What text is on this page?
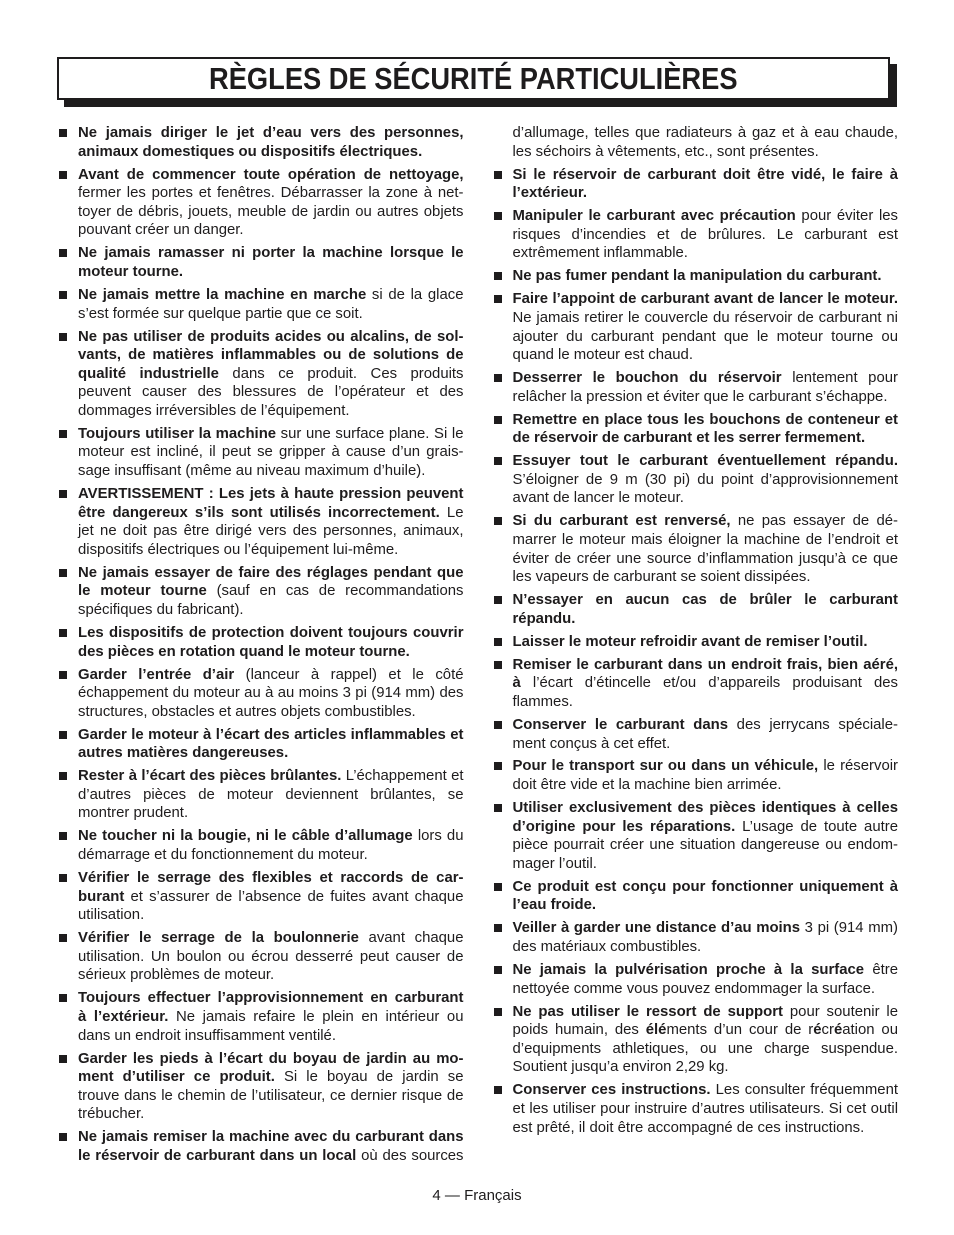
RÈGLES DE SÉCURITÉ PARTICULIÈRES
Ne jamais diriger le jet d’eau vers des personnes, animaux domestiques ou dispositifs électriques.
Avant de commencer toute opération de nettoyage, fermer les portes et fenêtres. Débarrasser la zone à nettoyer de débris, jouets, meuble de jardin ou autres objets pouvant créer un danger.
Ne jamais ramasser ni porter la machine lorsque le moteur tourne.
Ne jamais mettre la machine en marche si de la glace s’est formée sur quelque partie que ce soit.
Ne pas utiliser de produits acides ou alcalins, de solvants, de matières inflammables ou de solutions de qualité industrielle dans ce produit. Ces produits peuvent causer des blessures de l’opérateur et des dommages irréversibles de l’équipement.
Toujours utiliser la machine sur une surface plane. Si le moteur est incliné, il peut se gripper à cause d’un graissage insuffisant (même au niveau maximum d’huile).
AVERTISSEMENT : Les jets à haute pression peuvent être dangereux s’ils sont utilisés incorrectement. Le jet ne doit pas être dirigé vers des personnes, animaux, dispositifs électriques ou l’équipement lui-même.
Ne jamais essayer de faire des réglages pendant que le moteur tourne (sauf en cas de recommandations spécifiques du fabricant).
Les dispositifs de protection doivent toujours couvrir des pièces en rotation quand le moteur tourne.
Garder l’entrée d’air (lanceur à rappel) et le côté échappement du moteur au à au moins 3 pi (914 mm) des structures, obstacles et autres objets combustibles.
Garder le moteur à l’écart des articles inflammables et autres matières dangereuses.
Rester à l’écart des pièces brûlantes. L’échappement et d’autres pièces de moteur deviennent brûlantes, se montrer prudent.
Ne toucher ni la bougie, ni le câble d’allumage lors du démarrage et du fonctionnement du moteur.
Vérifier le serrage des flexibles et raccords de carburant et s’assurer de l’absence de fuites avant chaque utilisation.
Vérifier le serrage de la boulonnerie avant chaque utilisation. Un boulon ou écrou desserré peut causer de sérieux problèmes de moteur.
Toujours effectuer l’approvisionnement en carburant à l’extérieur. Ne jamais refaire le plein en intérieur ou dans un endroit insuffisamment ventilé.
Garder les pieds à l’écart du boyau de jardin au moment d’utiliser ce produit. Si le boyau de jardin se trouve dans le chemin de l’utilisateur, ce dernier risque de trébucher.
Ne jamais remiser la machine avec du carburant dans le réservoir de carburant dans un local où des sources d’allumage, telles que radiateurs à gaz et à eau chaude, les séchoirs à vêtements, etc., sont présentes.
Si le réservoir de carburant doit être vidé, le faire à l’extérieur.
Manipuler le carburant avec précaution pour éviter les risques d’incendies et de brûlures. Le carburant est extrêmement inflammable.
Ne pas fumer pendant la manipulation du carburant.
Faire l’appoint de carburant avant de lancer le moteur. Ne jamais retirer le couvercle du réservoir de carburant ni ajouter du carburant pendant que le moteur tourne ou quand le moteur est chaud.
Desserrer le bouchon du réservoir lentement pour relâcher la pression et éviter que le carburant s’échappe.
Remettre en place tous les bouchons de conteneur et de réservoir de carburant et les serrer fermement.
Essuyer tout le carburant éventuellement répandu. S’éloigner de 9 m (30 pi) du point d’approvisionnement avant de lancer le moteur.
Si du carburant est renversé, ne pas essayer de démarrer le moteur mais éloigner la machine de l’endroit et éviter de créer une source d’inflammation jusqu’à ce que les vapeurs de carburant se soient dissipées.
N’essayer en aucun cas de brûler le carburant répandu.
Laisser le moteur refroidir avant de remiser l’outil.
Remiser le carburant dans un endroit frais, bien aéré, à l’écart d’étincelle et/ou d’appareils produisant des flammes.
Conserver le carburant dans des jerrycans spécialement conçus à cet effet.
Pour le transport sur ou dans un véhicule, le réservoir doit être vide et la machine bien arrimée.
Utiliser exclusivement des pièces identiques à celles d’origine pour les réparations. L’usage de toute autre pièce pourrait créer une situation dangereuse ou endommager l’outil.
Ce produit est conçu pour fonctionner uniquement à l’eau froide.
Veiller à garder une distance d’au moins 3 pi (914 mm) des matériaux combustibles.
Ne jamais la pulvérisation proche à la surface être nettoyée comme vous pouvez endommager la surface.
Ne pas utiliser le ressort de support pour soutenir le poids humain, des éléments d’un cour de récréation ou d’equipments athletiques, ou une charge suspendue. Soutient jusqu’a environ 2,29 kg.
Conserver ces instructions. Les consulter fréquemment et les utiliser pour instruire d’autres utilisateurs. Si cet outil est prêté, il doit être accompagné de ces instructions.
4 — Français
